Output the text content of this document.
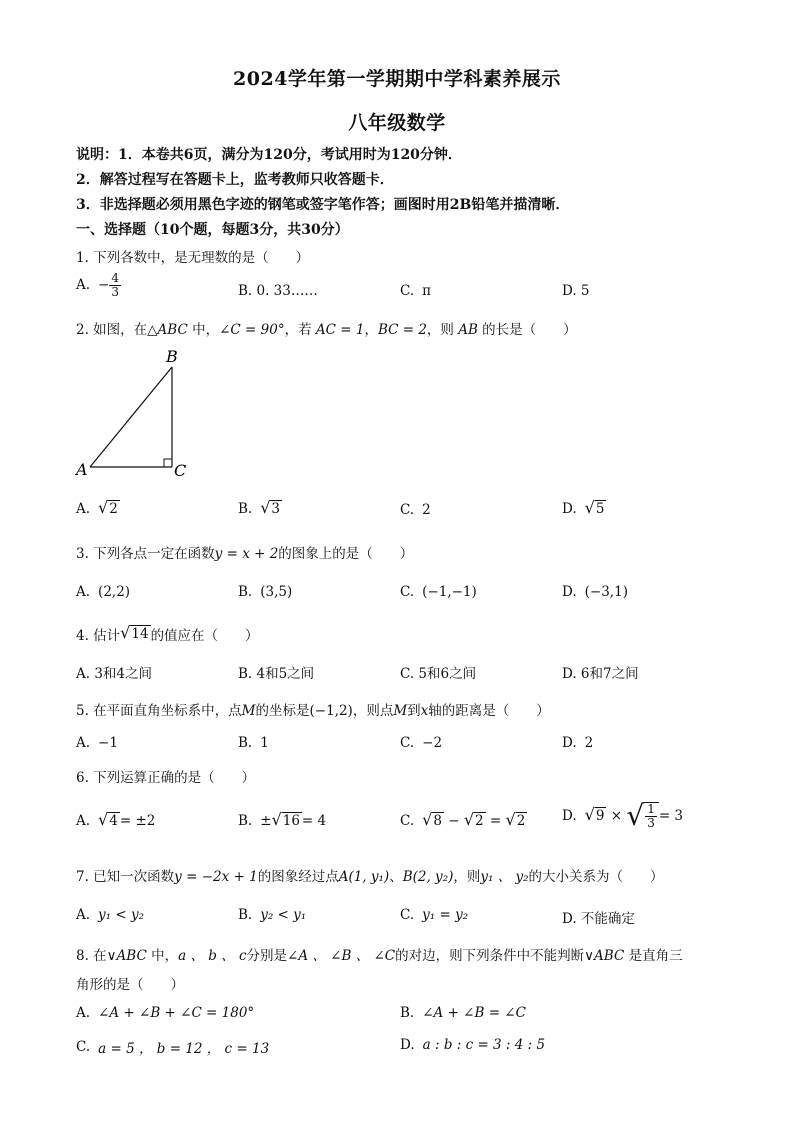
2024学年第一学期期中学科素养展示
八年级数学
说明：1．本卷共6页，满分为120分，考试用时为120分钟．
2．解答过程写在答题卡上，监考教师只收答题卡．
3．非选择题必须用黑色字迹的钢笔或签字笔作答；画图时用2B铅笔并描清晰．
一、选择题（10个题，每题3分，共30分）
1. 下列各数中，是无理数的是（　　）
A. − $\frac{4}{3}$	B. 0. 33……	C. π	D. 5
2. 如图，在△ABC 中，∠C = 90°，若 AC = 1，BC = 2，则 AB 的长是（　　）
A
B
C
A. √ 2	B. √ 3	C. 2	D. √ 5
3. 下列各点一定在函数y = x + 2的图象上的是（　　）
A. (2,2)	B. (3,5)	C. (−1,−1)	D. (−3,1)
4. 估计 √ 14 的值应在（　　）
A. 3和4之间	B. 4和5之间	C. 5和6之间	D. 6和7之间
5. 在平面直角坐标系中，点M的坐标是(−1,2)，则点M到x轴的距离是（　　）
A. −1	B. 1	C. −2	D. 2
6. 下列运算正确的是（　　）
A. √ 4 = ±2	B. ± √ 16 = 4	C. √ 8 − √ 2 = √ 2	D. √ 9 × √ $\frac{1}{3} = 3$
7. 已知一次函数y = −2x + 1的图象经过点A(1, y₁)、B(2, y₂)，则y₁ 、 y₂的大小关系为（　　）
A. y₁ < y₂	B. y₂ < y₁	C. y₁ = y₂	D. 不能确定
8. 在∨ABC 中，a 、 b 、 c分别是∠A 、 ∠B 、 ∠C的对边，则下列条件中不能判断∨ABC 是直角三
角形的是（　　）
A. ∠A + ∠B + ∠C = 180°	B. ∠A + ∠B = ∠C
C. a = 5 ， b = 12 ， c = 13	D. a : b : c = 3 : 4 : 5
